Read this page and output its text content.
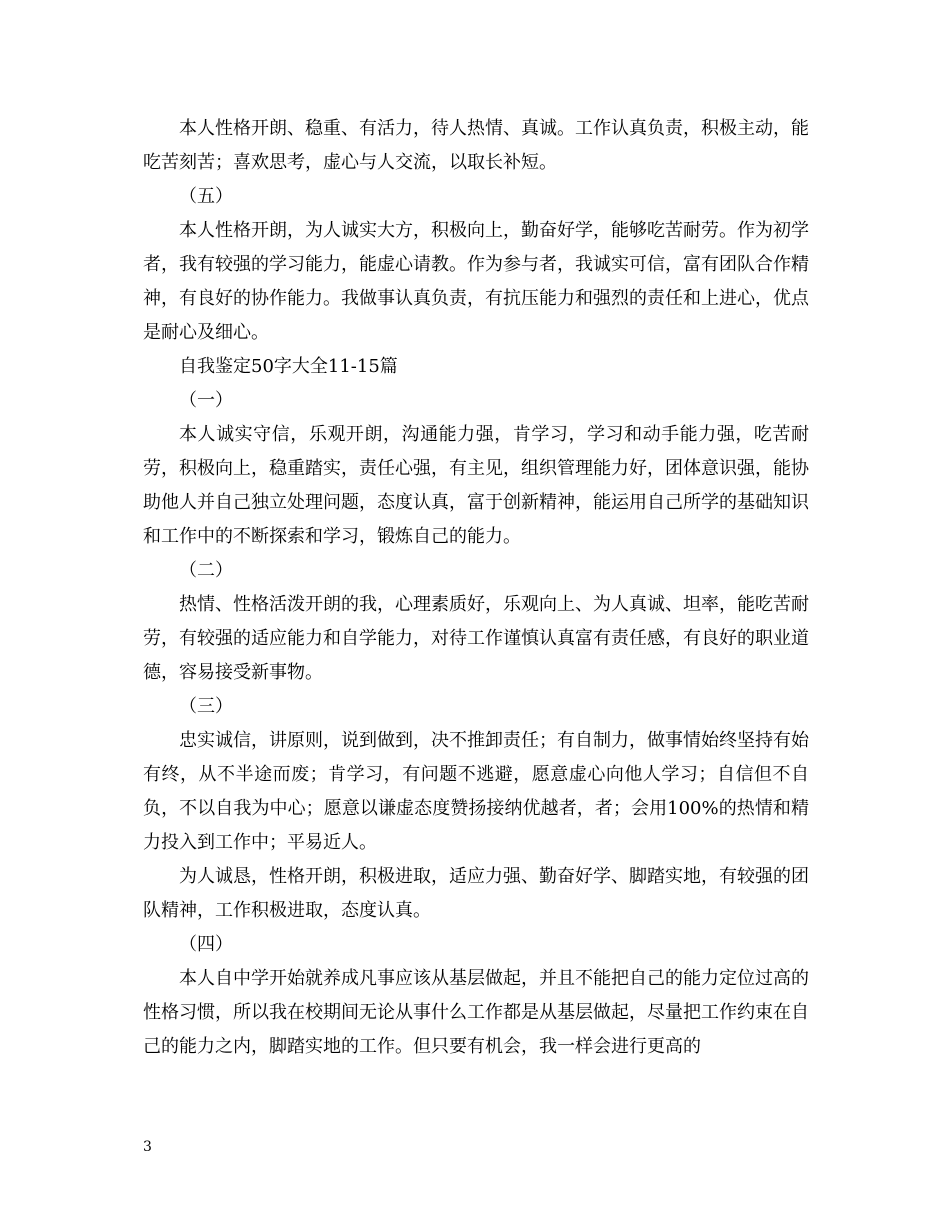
本人性格开朗、稳重、有活力，待人热情、真诚。工作认真负责，积极主动，能吃苦刻苦；喜欢思考，虚心与人交流，以取长补短。

（五）

本人性格开朗，为人诚实大方，积极向上，勤奋好学，能够吃苦耐劳。作为初学者，我有较强的学习能力，能虚心请教。作为参与者，我诚实可信，富有团队合作精神，有良好的协作能力。我做事认真负责，有抗压能力和强烈的责任和上进心，优点是耐心及细心。

自我鉴定50字大全11-15篇

（一）

本人诚实守信，乐观开朗，沟通能力强，肯学习，学习和动手能力强，吃苦耐劳，积极向上，稳重踏实，责任心强，有主见，组织管理能力好，团体意识强，能协助他人并自己独立处理问题，态度认真，富于创新精神，能运用自己所学的基础知识和工作中的不断探索和学习，锻炼自己的能力。

（二）

热情、性格活泼开朗的我，心理素质好，乐观向上、为人真诚、坦率，能吃苦耐劳，有较强的适应能力和自学能力，对待工作谨慎认真富有责任感，有良好的职业道德，容易接受新事物。

（三）

忠实诚信，讲原则，说到做到，决不推卸责任；有自制力，做事情始终坚持有始有终，从不半途而废；肯学习，有问题不逃避，愿意虚心向他人学习；自信但不自负，不以自我为中心；愿意以谦虚态度赞扬接纳优越者，者；会用100%的热情和精力投入到工作中；平易近人。

为人诚恳，性格开朗，积极进取，适应力强、勤奋好学、脚踏实地，有较强的团队精神，工作积极进取，态度认真。

（四）

本人自中学开始就养成凡事应该从基层做起，并且不能把自己的能力定位过高的性格习惯，所以我在校期间无论从事什么工作都是从基层做起，尽量把工作约束在自己的能力之内，脚踏实地的工作。但只要有机会，我一样会进行更高的

3
